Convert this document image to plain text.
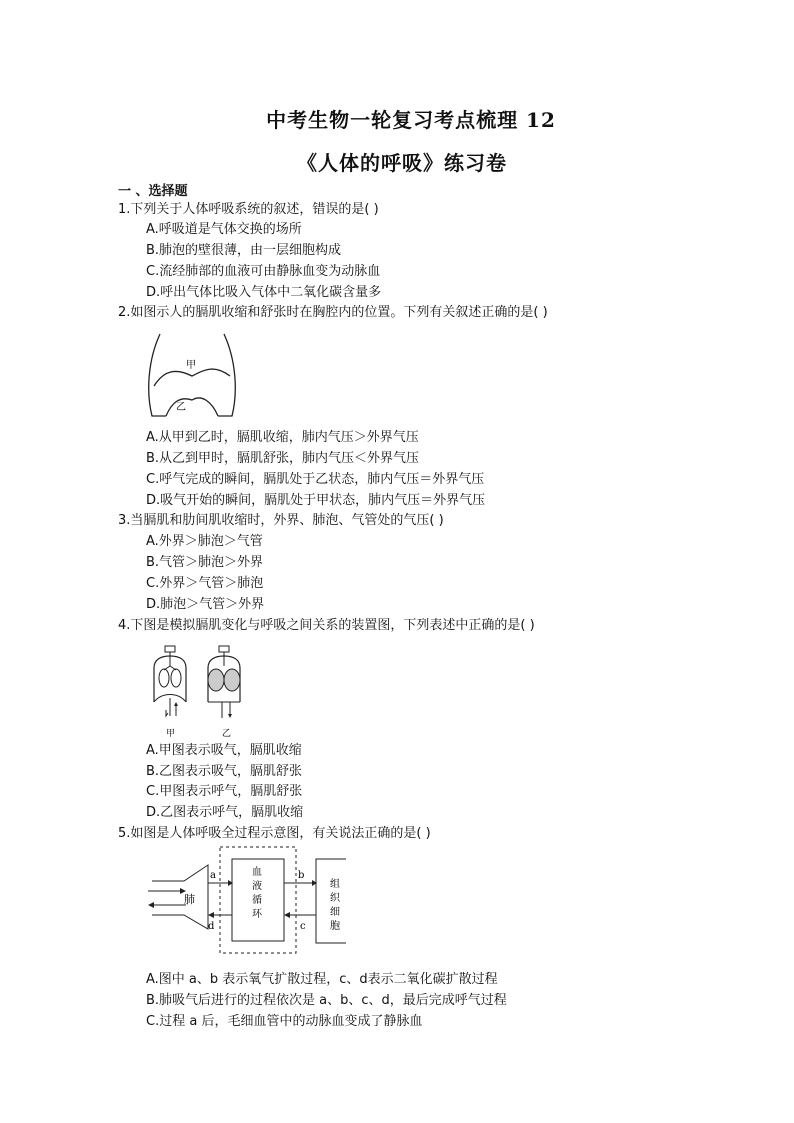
中考生物一轮复习考点梳理 12
《人体的呼吸》练习卷
一 、选择题
1.下列关于人体呼吸系统的叙述，错误的是( )
A.呼吸道是气体交换的场所
B.肺泡的壁很薄，由一层细胞构成
C.流经肺部的血液可由静脉血变为动脉血
D.呼出气体比吸入气体中二氧化碳含量多
2.如图示人的膈肌收缩和舒张时在胸腔内的位置。下列有关叙述正确的是( )
甲
乙
A.从甲到乙时，膈肌收缩，肺内气压＞外界气压
B.从乙到甲时，膈肌舒张，肺内气压＜外界气压
C.呼气完成的瞬间，膈肌处于乙状态，肺内气压＝外界气压
D.吸气开始的瞬间，膈肌处于甲状态，肺内气压＝外界气压
3.当膈肌和肋间肌收缩时，外界、肺泡、气管处的气压( )
A.外界＞肺泡＞气管
B.气管＞肺泡＞外界
C.外界＞气管＞肺泡
D.肺泡＞气管＞外界
4.下图是模拟膈肌变化与呼吸之间关系的装置图，下列表述中正确的是( )
甲	乙
A.甲图表示吸气，膈肌收缩
B.乙图表示吸气，膈肌舒张
C.甲图表示呼气，膈肌舒张
D.乙图表示呼气，膈肌收缩
5.如图是人体呼吸全过程示意图，有关说法正确的是( )
肺
血
液
循
环
组
织
细
胞
a
d
b
c
A.图中 a、b 表示氧气扩散过程，c、d表示二氧化碳扩散过程
B.肺吸气后进行的过程依次是 a、b、c、d，最后完成呼气过程
C.过程 a 后，毛细血管中的动脉血变成了静脉血
